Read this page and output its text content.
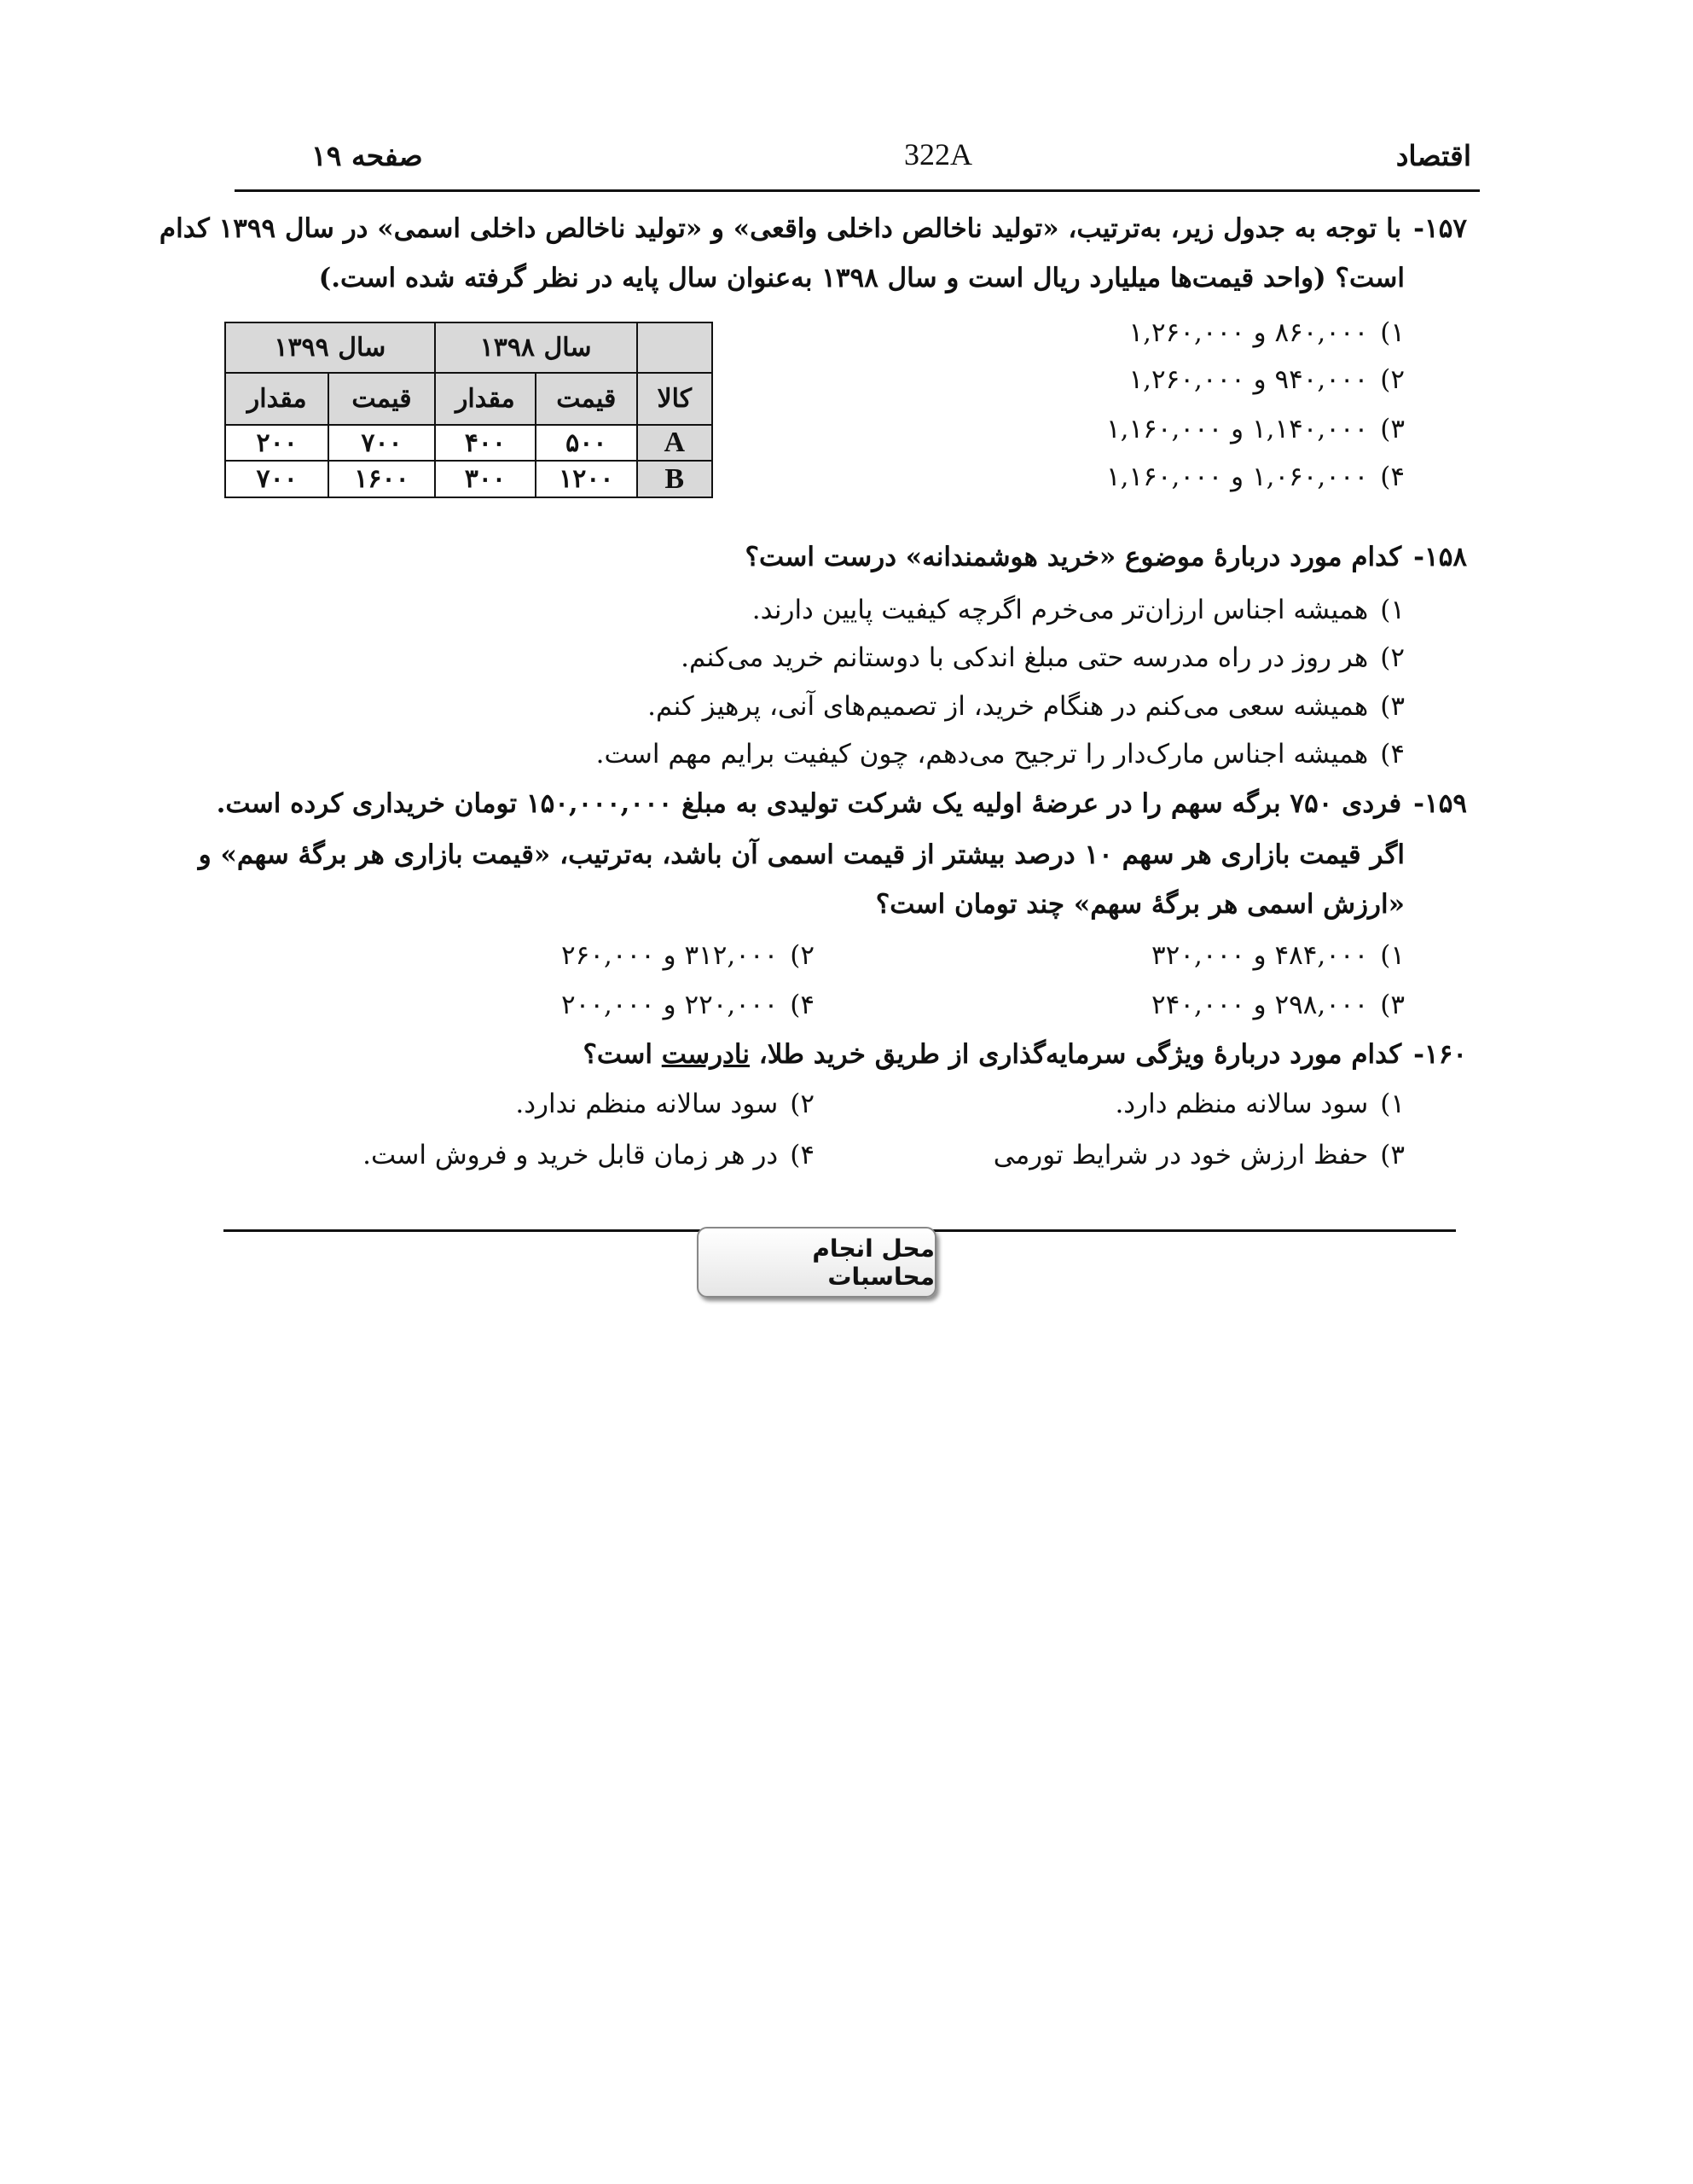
اقتصاد
322A
صفحه ۱۹
۱۵۷-با توجه به جدول زیر، به‌ترتیب، «تولید ناخالص داخلی واقعی» و «تولید ناخالص داخلی اسمی» در سال ۱۳۹۹ کدام
است؟ (واحد قیمت‌ها میلیارد ریال است و سال ۱۳۹۸ به‌عنوان سال پایه در نظر گرفته شده است.)
۱)۸۶۰,۰۰۰ و ۱,۲۶۰,۰۰۰
۲)۹۴۰,۰۰۰ و ۱,۲۶۰,۰۰۰
۳)۱,۱۴۰,۰۰۰ و ۱,۱۶۰,۰۰۰
۴)۱,۰۶۰,۰۰۰ و ۱,۱۶۰,۰۰۰
	سال ۱۳۹۸		سال ۱۳۹۹	
کالا	قیمت	مقدار	قیمت	مقدار
A	۵۰۰	۴۰۰	۷۰۰	۲۰۰
B	۱۲۰۰	۳۰۰	۱۶۰۰	۷۰۰
۱۵۸-کدام مورد دربارهٔ موضوع «خرید هوشمندانه» درست است؟
۱)همیشه اجناس ارزان‌تر می‌خرم اگرچه کیفیت پایین دارند.
۲)هر روز در راه مدرسه حتی مبلغ اندکی با دوستانم خرید می‌کنم.
۳)همیشه سعی می‌کنم در هنگام خرید، از تصمیم‌های آنی، پرهیز کنم.
۴)همیشه اجناس مارک‌دار را ترجیح می‌دهم، چون کیفیت برایم مهم است.
۱۵۹-فردی ۷۵۰ برگه سهم را در عرضهٔ اولیه یک شرکت تولیدی به مبلغ ۱۵۰,۰۰۰,۰۰۰ تومان خریداری کرده است.
اگر قیمت بازاری هر سهم ۱۰ درصد بیشتر از قیمت اسمی آن باشد، به‌ترتیب، «قیمت بازاری هر برگهٔ سهم» و
«ارزش اسمی هر برگهٔ سهم» چند تومان است؟
۱)۴۸۴,۰۰۰ و ۳۲۰,۰۰۰
۲)۳۱۲,۰۰۰ و ۲۶۰,۰۰۰
۳)۲۹۸,۰۰۰ و ۲۴۰,۰۰۰
۴)۲۲۰,۰۰۰ و ۲۰۰,۰۰۰
۱۶۰-کدام مورد دربارهٔ ویژگی سرمایه‌گذاری از طریق خرید طلا، نادرست است؟
۱)سود سالانه منظم دارد.
۲)سود سالانه منظم ندارد.
۳)حفظ ارزش خود در شرایط تورمی
۴)در هر زمان قابل خرید و فروش است.
محل انجام محاسبات
